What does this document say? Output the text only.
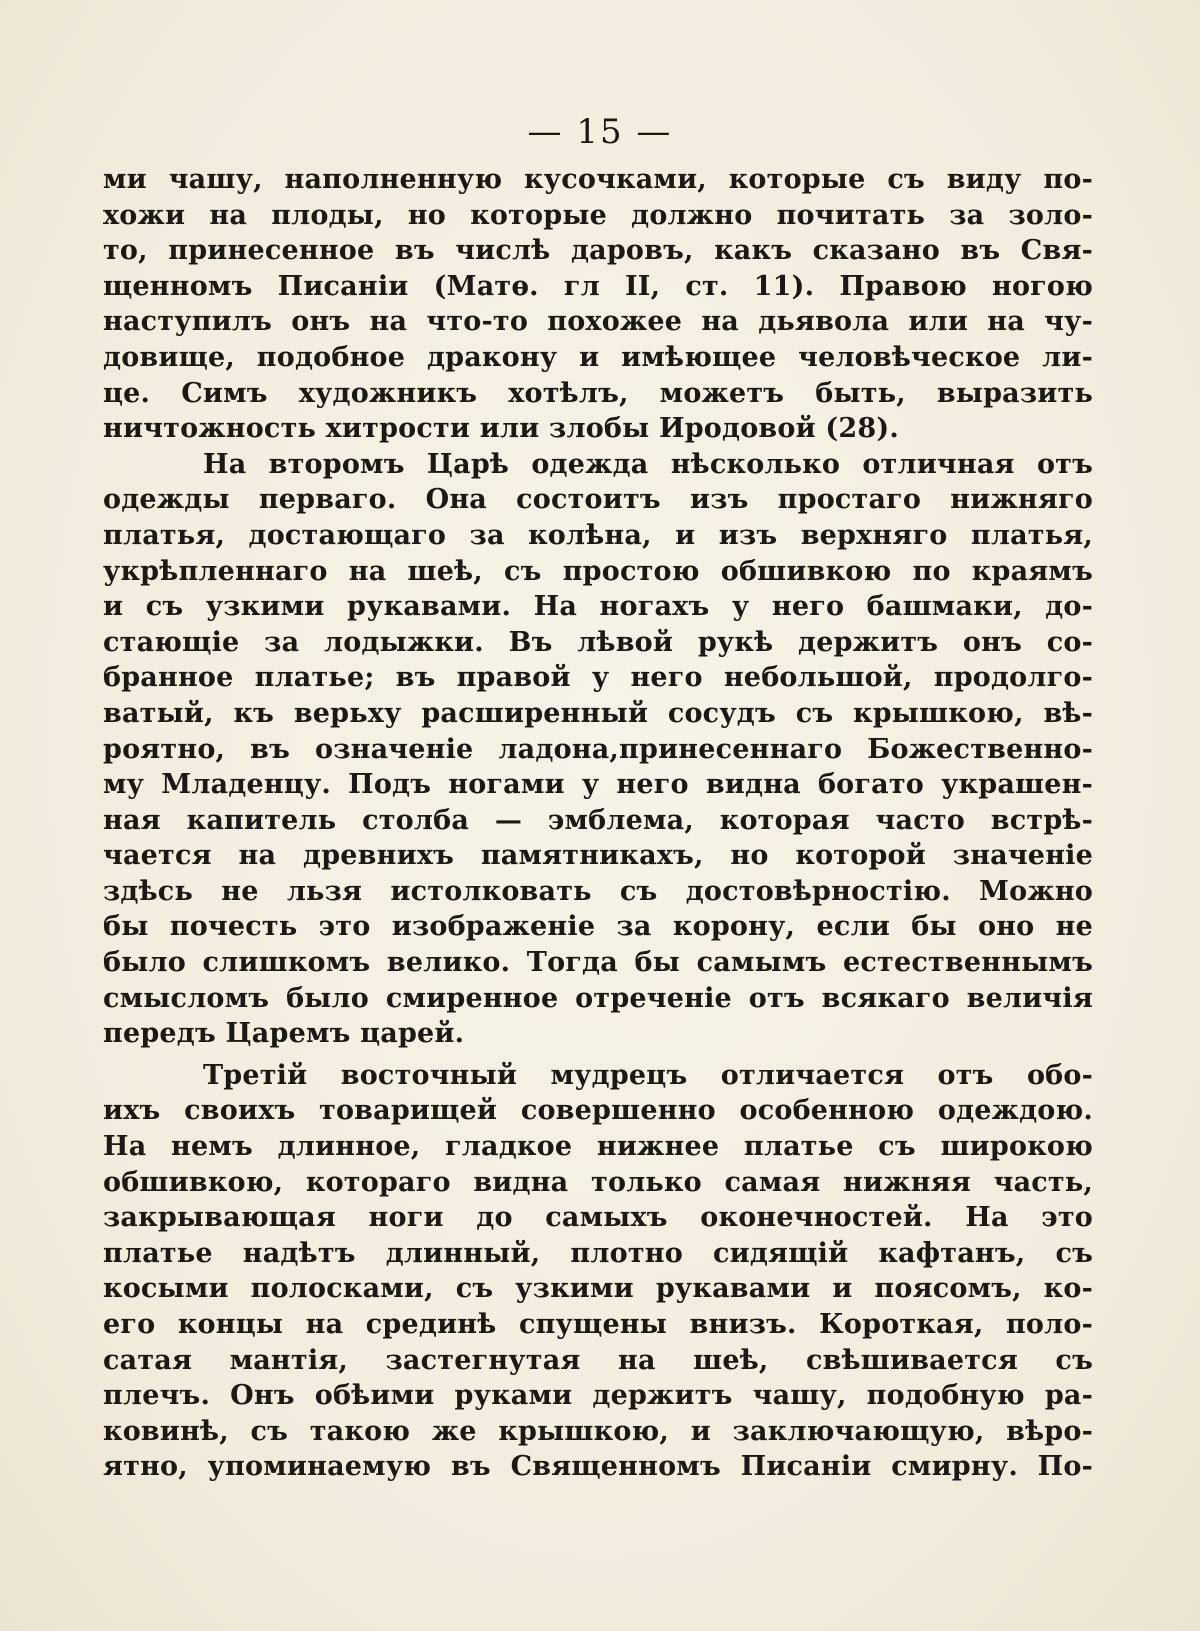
— 15 —
ми чашу, наполненную кусочками, которые съ виду по-
хожи на плоды, но которые должно почитать за золо-
то, принесенное въ числѣ даровъ, какъ сказано въ Свя-
щенномъ Писаніи (Матѳ. гл II, ст. 11). Правою ногою
наступилъ онъ на что-то похожее на дьявола или на чу-
довище, подобное дракону и имѣющее человѣческое ли-
це. Симъ художникъ хотѣлъ, можетъ быть, выразить
ничтожность хитрости или злобы Иродовой (28).
На второмъ Царѣ одежда нѣсколько отличная отъ
одежды перваго. Она состоитъ изъ простаго нижняго
платья, достающаго за колѣна, и изъ верхняго платья,
укрѣпленнаго на шеѣ, съ простою обшивкою по краямъ
и съ узкими рукавами. На ногахъ у него башмаки, до-
стающіе за лодыжки. Въ лѣвой рукѣ держитъ онъ со-
бранное платье; въ правой у него небольшой, продолго-
ватый, къ верьху расширенный сосудъ съ крышкою, вѣ-
роятно, въ означеніе ладона,принесеннаго Божественно-
му Младенцу. Подъ ногами у него видна богато украшен-
ная капитель столба — эмблема, которая часто встрѣ-
чается на древнихъ памятникахъ, но которой значеніе
здѣсь не льзя истолковать съ достовѣрностію. Можно
бы почесть это изображеніе за корону, если бы оно не
было слишкомъ велико. Тогда бы самымъ естественнымъ
смысломъ было смиренное отреченіе отъ всякаго величія
передъ Царемъ царей.
Третій восточный мудрецъ отличается отъ обо-
ихъ своихъ товарищей совершенно особенною одеждою.
На немъ длинное, гладкое нижнее платье съ широкою
обшивкою, котораго видна только самая нижняя часть,
закрывающая ноги до самыхъ оконечностей. На это
платье надѣтъ длинный, плотно сидящій кафтанъ, съ
косыми полосками, съ узкими рукавами и поясомъ, ко-
его концы на срединѣ спущены внизъ. Короткая, поло-
сатая мантія, застегнутая на шеѣ, свѣшивается съ
плечъ. Онъ обѣими руками держитъ чашу, подобную ра-
ковинѣ, съ такою же крышкою, и заключающую, вѣро-
ятно, упоминаемую въ Священномъ Писаніи смирну. По-
